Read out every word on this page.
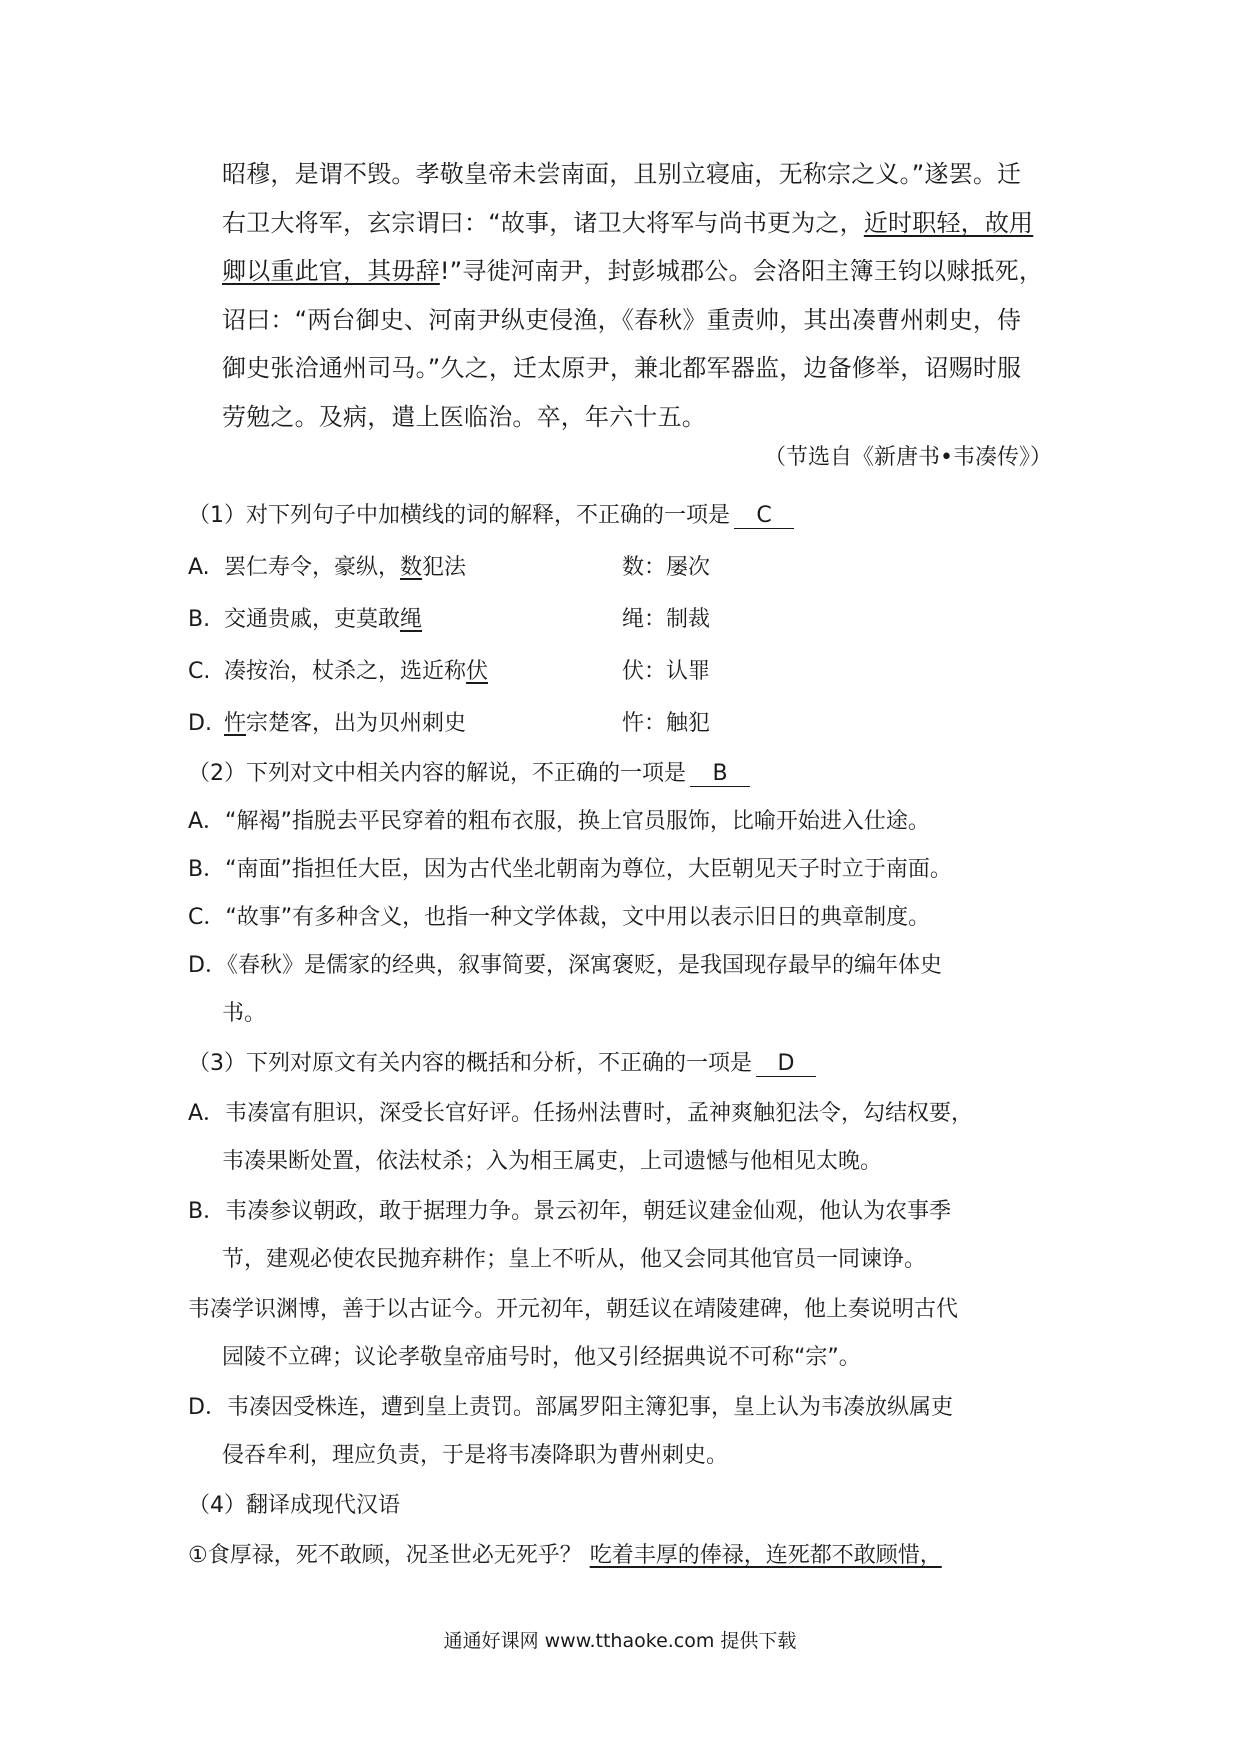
昭穆，是谓不毁。孝敬皇帝未尝南面，且别立寝庙，无称宗之义。”遂罢。迁

右卫大将军，玄宗谓曰：“故事，诸卫大将军与尚书更为之，近时职轻，故用

卿以重此官，其毋辞!”寻徙河南尹，封彭城郡公。会洛阳主簿王钧以赇抵死，

诏曰：“两台御史、河南尹纵吏侵渔，《春秋》重责帅，其出凑曹州刺史，侍

御史张洽通州司马。”久之，迁太原尹，兼北都军器监，边备修举，诏赐时服

劳勉之。及病，遣上医临治。卒，年六十五。

（节选自《新唐书•韦凑传》）
（1）对下列句子中加横线的词的解释，不正确的一项是 C
A. 罢仁寿令，豪纵，数犯法	数：屡次
B. 交通贵戚，吏莫敢绳	绳：制裁
C. 凑按治，杖杀之，选近称伏	伏：认罪
D. 忤宗楚客，出为贝州刺史	忤：触犯
（2）下列对文中相关内容的解说，不正确的一项是 B
A．“解褐”指脱去平民穿着的粗布衣服，换上官员服饰，比喻开始进入仕途。
B．“南面”指担任大臣，因为古代坐北朝南为尊位，大臣朝见天子时立于南面。
C．“故事”有多种含义，也指一种文学体裁，文中用以表示旧日的典章制度。
D．《春秋》是儒家的经典，叙事简要，深寓褒贬，是我国现存最早的编年体史
书。
（3）下列对原文有关内容的概括和分析，不正确的一项是 D
A．韦凑富有胆识，深受长官好评。任扬州法曹时，孟神爽触犯法令，勾结权要，
韦凑果断处置，依法杖杀；入为相王属吏，上司遗憾与他相见太晚。
B．韦凑参议朝政，敢于据理力争。景云初年，朝廷议建金仙观，他认为农事季
节，建观必使农民抛弃耕作；皇上不听从，他又会同其他官员一同谏诤。
韦凑学识渊博，善于以古证今。开元初年，朝廷议在靖陵建碑，他上奏说明古代
园陵不立碑；议论孝敬皇帝庙号时，他又引经据典说不可称“宗”。
D．韦凑因受株连，遭到皇上责罚。部属罗阳主簿犯事，皇上认为韦凑放纵属吏
侵吞牟利，理应负责，于是将韦凑降职为曹州刺史。
（4）翻译成现代汉语
①食厚禄，死不敢顾，况圣世必无死乎？ 吃着丰厚的俸禄，连死都不敢顾惜，
通通好课网 www.tthaoke.com 提供下载
